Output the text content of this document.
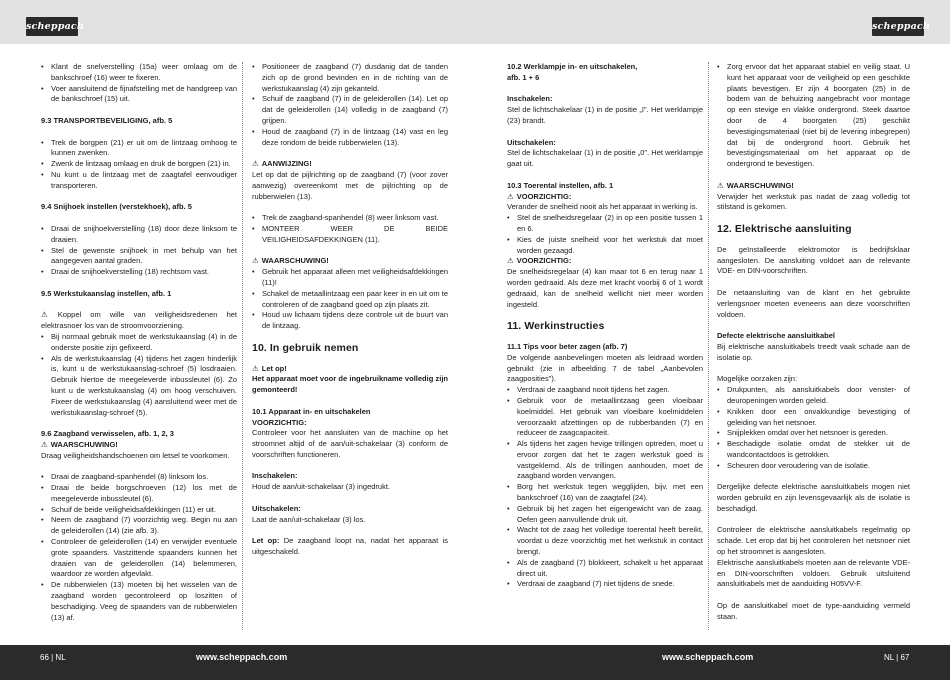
scheppach	scheppach
• Klant de snelverstelling (15a) weer omlaag om de bankschroef (16) weer te fixeren.
• Voer aansluitend de fijnafstelling met de handgreep van de bankschroef (15) uit.

9.3 TRANSPORTBEVEILIGING, afb. 5

• Trek de borgpen (21) er uit om de lintzaag omhoog te kunnen zwenken.
• Zwenk de lintzaag omlaag en druk de borgpen (21) in.
• Nu kunt u de lintzaag met de zaagtafel eenvoudiger transporteren.

9.4 Snijhoek instellen (verstekhoek), afb. 5

• Draai de snijhoekverstelling (18) door deze linksom te draaien.
• Stel de gewenste snijhoek in met behulp van het aangegeven aantal graden.
• Draai de snijhoekverstelling (18) rechtsom vast.

9.5 Werkstukaanslag instellen, afb. 1

⚠ Koppel om wille van veiligheidsredenen het elektrasnoer los van de stroomvoorziening.

• Bij normaal gebruik moet de werkstukaanslag (4) in de onderste positie zijn gefixeerd.
• Als de werkstukaanslag (4) tijdens het zagen hinderlijk is, kunt u de werkstukaanslag-schroef (5) losdraaien. Gebruik hiertoe de meegeleverde inbussleutel (6). Zo kunt u de werkstukaanslag (4) om hoog verschuiven. Fixeer de werkstukaanslag (4) aansluitend weer met de werkstukaanslag-schroef (5).

9.6 Zaagband verwisselen, afb. 1, 2, 3

⚠ WAARSCHUWING!

Draag veiligheidshandschoenen om letsel te voorkomen.

• Draai de zaagband-spanhendel (8) linksom los.
• Draai de beide borgschroeven (12) los met de meegeleverde inbussleutel (6).
• Schuif de beide veiligheidsafdekkingen (11) er uit.
• Neem de zaagband (7) voorzichtig weg. Begin nu aan de geleiderollen (14) (zie afb. 3).
• Controleer de geleiderollen (14) en verwijder eventuele grote spaanders. Vastzittende spaanders kunnen het draaien van de geleiderollen (14) belemmeren, waardoor ze worden afgevlakt.
• De rubberwielen (13) moeten bij het wisselen van de zaagband worden gecontroleerd op loszitten of beschadiging. Veeg de spaanders van de rubberwielen (13) af.
• Positioneer de zaagband (7) dusdanig dat de tanden zich op de grond bevinden en in de richting van de werkstukaanslag (4) zijn gekanteld.
• Schuif de zaagband (7) in de geleiderollen (14). Let op dat de geleiderollen (14) volledig in de zaagband (7) grijpen.
• Houd de zaagband (7) in de lintzaag (14) vast en leg deze rondom de beide rubberwielen (13).

⚠ AANWIJZING!

Let op dat de pijlrichting op de zaagband (7) (voor zover aanwezig) overeenkomt met de pijlrichting op de rubberwielen (13).

• Trek de zaagband-spanhendel (8) weer linksom vast.
• MONTEER WEER DE BEIDE VEILIGHEIDSAFDEKKINGEN (11).

⚠ WAARSCHUWING!

• Gebruik het apparaat alleen met veiligheidsafdekkingen (11)!
• Schakel de metaallintzaag een paar keer in en uit om te controleren of de zaagband goed op zijn plaats zit.
• Houd uw lichaam tijdens deze controle uit de buurt van de lintzaag.
10. In gebruik nemen

⚠ Let op!

Het apparaat moet voor de ingebruikname volledig zijn gemonteerd!

10.1 Apparaat in- en uitschakelen

VOORZICHTIG:

Controleer voor het aansluiten van de machine op het stroomnet altijd of de aan/uit-schakelaar (3) conform de voorschriften functioneren.

Inschakelen:

Houd de aan/uit-schakelaar (3) ingedrukt.

Uitschakelen:

Laat de aan/uit-schakelaar (3) los.

Let op: De zaagband loopt na, nadat het apparaat is uitgeschakeld.

10.2 Werklampje in- en uitschakelen,

afb. 1 + 6

Inschakelen:

Stel de lichtschakelaar (1) in de positie „I". Het werklampje (23) brandt.

Uitschakelen:

Stel de lichtschakelaar (1) in de positie „0". Het werklampje gaat uit.

10.3 Toerental instellen, afb. 1

⚠ VOORZICHTIG:

Verander de snelheid nooit als het apparaat in werking is.

• Stel de snelheidsregelaar (2) in op een positie tussen 1 en 6.
• Kies de juiste snelheid voor het werkstuk dat moet worden gezaagd.

⚠ VOORZICHTIG:

De snelheidsregelaar (4) kan maar tot 6 en terug naar 1 worden gedraaid. Als deze met kracht voorbij 6 of 1 wordt gedraaid, kan de snelheid wellicht niet meer worden ingesteld.

11. Werkinstructies

11.1 Tips voor beter zagen (afb. 7)

De volgende aanbevelingen moeten als leidraad worden gebruikt (zie in afbeelding 7 de tabel „Aanbevolen zaagposities").

• Verdraai de zaagband nooit tijdens het zagen.
• Gebruik voor de metaallintzaag geen vloeibaar koelmiddel. Het gebruik van vloeibare koelmiddelen veroorzaakt afzettingen op de rubberbanden (7) en reduceer de zaagcapaciteit.
• Als tijdens het zagen hevige trillingen optreden, moet u ervoor zorgen dat het te zagen werkstuk goed is vastgeklemd. Als de trillingen aanhouden, moet de zaagband worden vervangen.
• Borg het werkstuk tegen wegglijden, bijv. met een bankschroef (16) van de zaagtafel (24).
• Gebruik bij het zagen het eigengewicht van de zaag. Oefen geen aanvullende druk uit.
• Wacht tot de zaag het volledige toerental heeft bereikt, voordat u deze voorzichtig met het werkstuk in contact brengt.
• Als de zaagband (7) blokkeert, schakelt u het apparaat direct uit.
• Verdraai de zaagband (7) niet tijdens de snede.
• Zorg ervoor dat het apparaat stabiel en veilig staat. U kunt het apparaat voor de veiligheid op een geschikte plaats bevestigen. Er zijn 4 boorgaten (25) in de bodem van de behuizing aangebracht voor montage op een stevige en vlakke ondergrond. Steek daartoe door de 4 boorgaten (25) geschikt bevestigingsmateriaal (niet bij de levering inbegrepen) dat bij de ondergrond hoort. Gebruik het bevestigingsmateriaal om het apparaat op de ondergrond te bevestigen.

⚠ WAARSCHUWING!

Verwijder het werkstuk pas nadat de zaag volledig tot stilstand is gekomen.

12. Elektrische aansluiting

De geïnstalleerde elektromotor is bedrijfsklaar aangesloten. De aansluiting voldoet aan de relevante VDE- en DIN-voorschriften.

De netaansluiting van de klant en het gebruikte verlengsnoer moeten eveneens aan deze voorschriften voldoen.

Defecte elektrische aansluitkabel

Bij elektrische aansluitkabels treedt vaak schade aan de isolatie op.

Mogelijke oorzaken zijn:

• Drukpunten, als aansluitkabels door venster- of deuropeningen worden geleid.
• Knikken door een onvakkundige bevestiging of geleiding van het netsnoer.
• Snijplekken omdat over het netsnoer is gereden.
• Beschadigde isolatie omdat de stekker uit de wandcontactdoos is getrokken.
• Scheuren door veroudering van de isolatie.

Dergelijke defecte elektrische aansluitkabels mogen niet worden gebruikt en zijn levensgevaarlijk als de isolatie is beschadigd.

Controleer de elektrische aansluitkabels regelmatig op schade. Let erop dat bij het controleren het netsnoer niet op het stroomnet is aangesloten.

Elektrische aansluitkabels moeten aan de relevante VDE- en DIN-voorschriften voldoen. Gebruik uitsluitend aansluitkabels met de aanduiding H05VV-F.

Op de aansluitkabel moet de type-aanduiding vermeld staan.

66 | NL	www.scheppach.com	www.scheppach.com	NL | 67
